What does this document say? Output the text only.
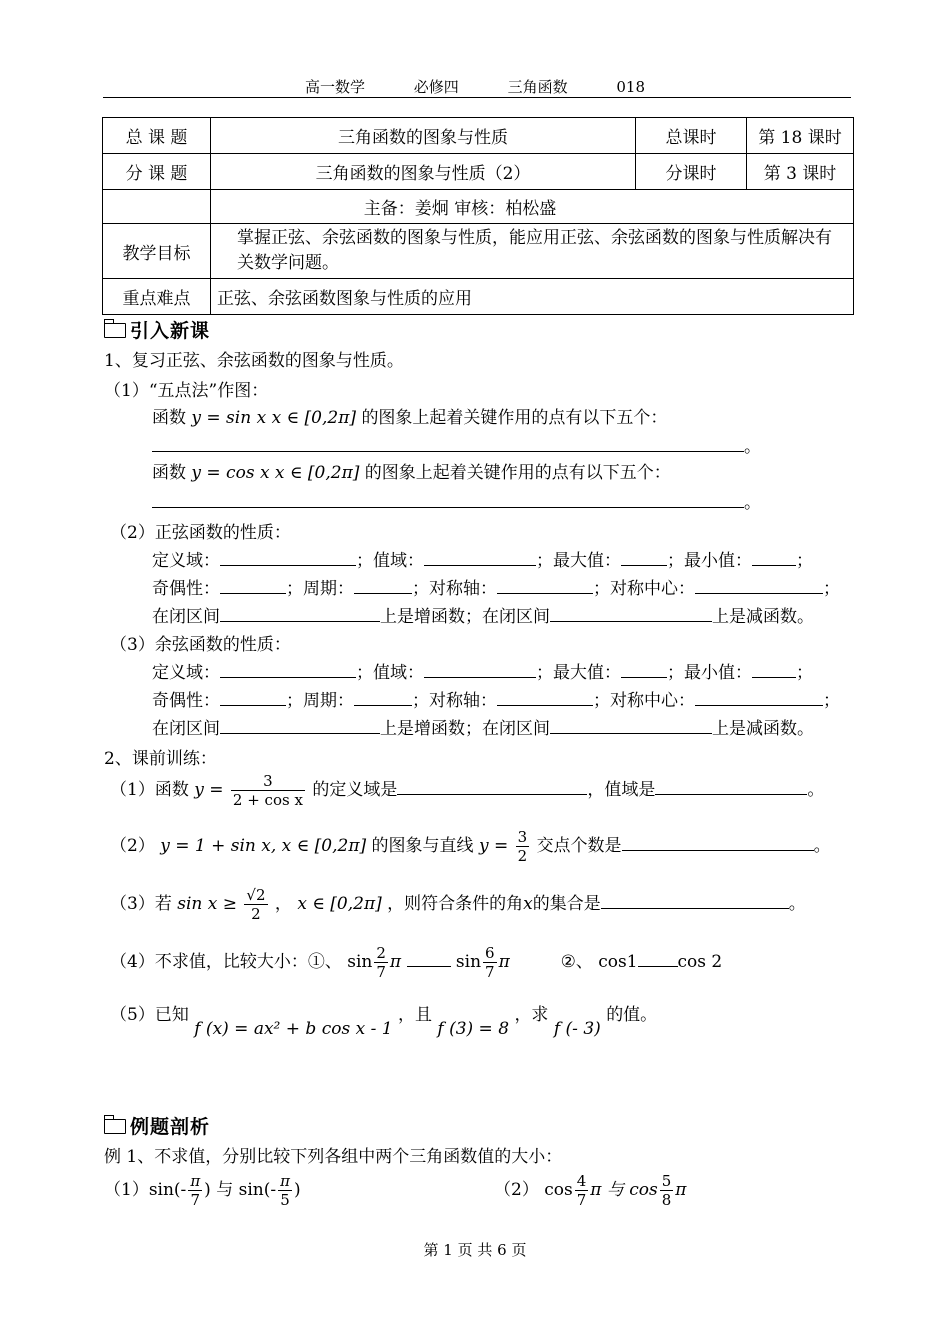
高一数学	必修四	三角函数	018
总 课 题	三角函数的图象与性质	总课时	第 18 课时
分 课 题	三角函数的图象与性质（2）	分课时	第 3 课时
	主备：姜炯 审核：柏松盛		
教学目标	掌握正弦、余弦函数的图象与性质，能应用正弦、余弦函数的图象与性质解决有关数学问题。		
重点难点	正弦、余弦函数图象与性质的应用		
引入新课
1、复习正弦、余弦函数的图象与性质。
（1）“五点法”作图：
函数 y = sin x x ∈ [0,2π] 的图象上起着关键作用的点有以下五个：
。
函数 y = cos x x ∈ [0,2π] 的图象上起着关键作用的点有以下五个：
。
（2）正弦函数的性质：
定义域：	；值域：	；最大值：	；最小值：	；
奇偶性：	；周期：	；对称轴：	；对称中心：	；
在闭区间	上是增函数；在闭区间	上是减函数。
（3）余弦函数的性质：
定义域：	；值域：	；最大值：	；最小值：	；
奇偶性：	；周期：	；对称轴：	；对称中心：	；
在闭区间	上是增函数；在闭区间	上是减函数。
2、课前训练：
（1）函数 $y = \frac{3}{\text{2 + cos x}}$ 的定义域是	，值域是	。
（2） y = 1 + sin x, x ∈ [0,2π] 的图象与直线 $y = \frac{3}{2}$ 交点个数是	。
（3）若 $\sin x \ge \frac{√2}{2}$ ， x ∈ [0,2π] ，则符合条件的角x的集合是	。
（4）不求值，比较大小：①、 $\sin \frac{2}{7}$ π	$\sin \frac{6}{7}$ π	②、 cos1 cos 2
（5）已知 f (x) = ax² + b cos x - 1 ，且 f (3) = 8 ，求 f (- 3) 的值。
例题剖析
例 1、不求值，分别比较下列各组中两个三角函数值的大小：
$(1)\sin(- \frac{\pi}{7}$ ) 与 $\sin(- \frac{\pi}{5}$ )	（2） $\cos \frac{4}{7}$ π 与 $\cos \frac{5}{8}$ π
第 1 页 共 6 页
